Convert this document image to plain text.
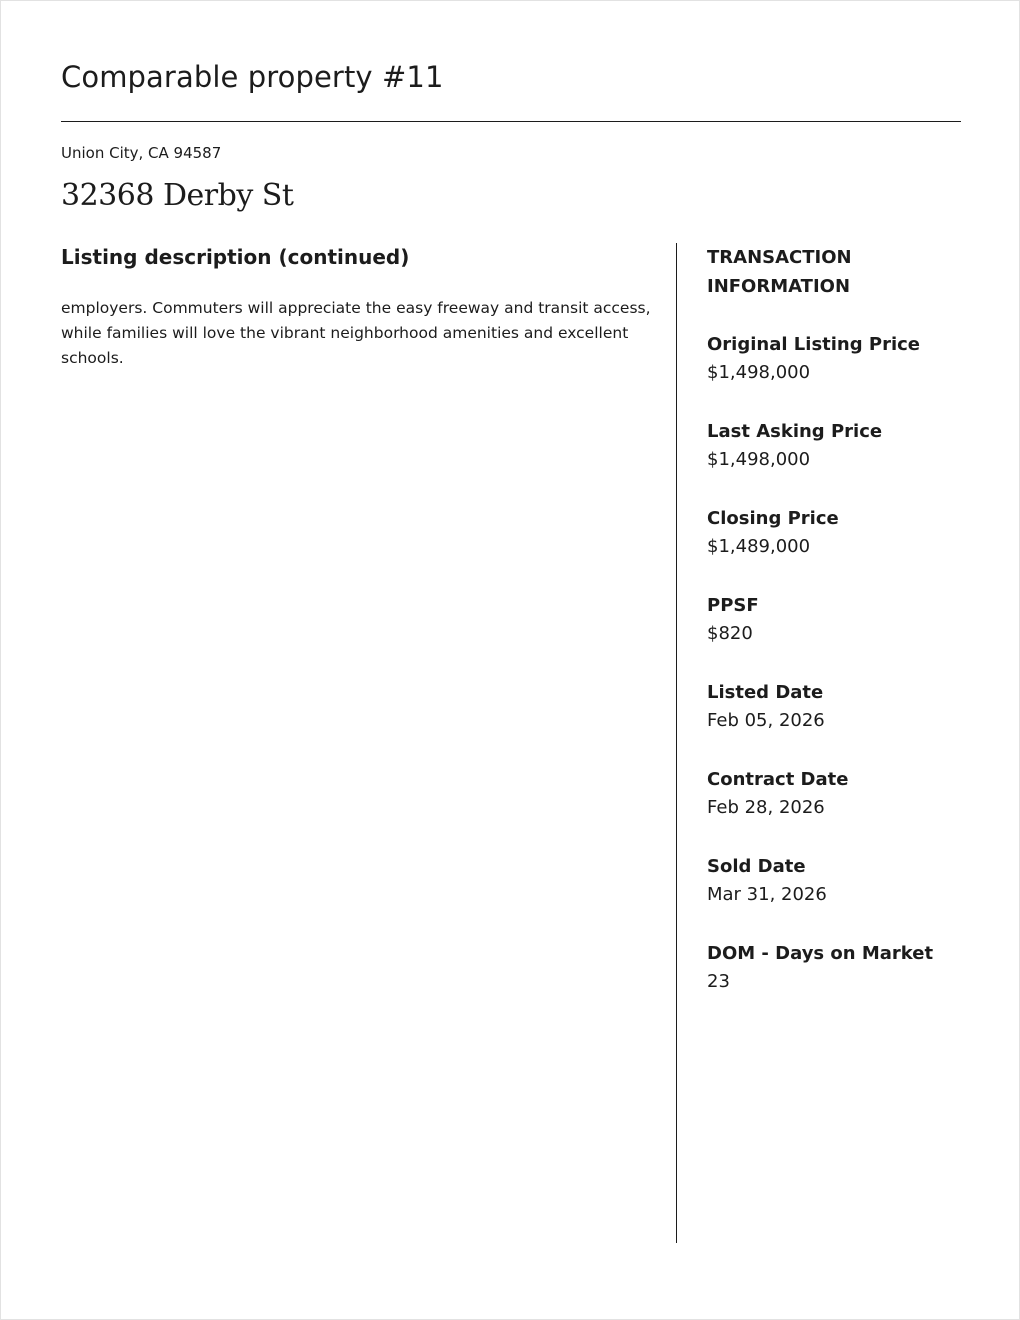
Comparable property #11
Union City, CA 94587
32368 Derby St
Listing description (continued)
employers. Commuters will appreciate the easy freeway and transit access, while families will love the vibrant neighborhood amenities and excellent schools.
TRANSACTION INFORMATION
Original Listing Price
$1,498,000
Last Asking Price
$1,498,000
Closing Price
$1,489,000
PPSF
$820
Listed Date
Feb 05, 2026
Contract Date
Feb 28, 2026
Sold Date
Mar 31, 2026
DOM - Days on Market
23
